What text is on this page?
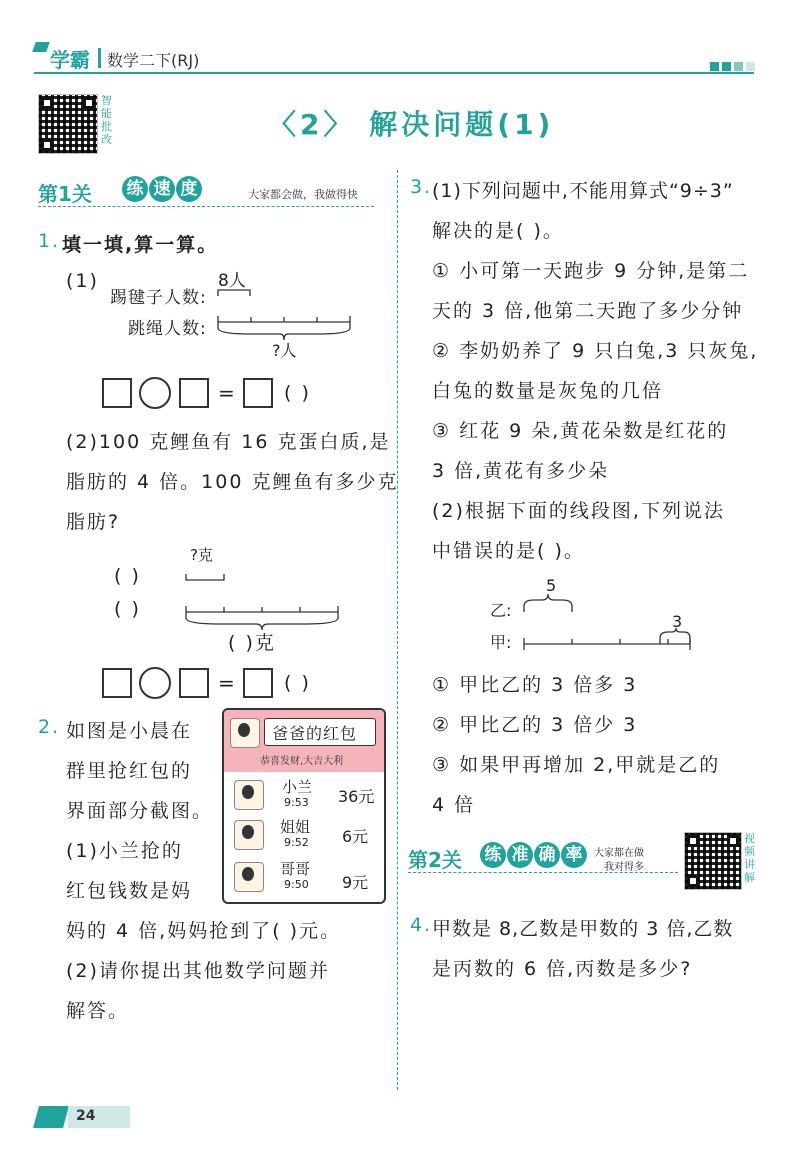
学霸 数学二下(RJ)
智能批改	〈2〉 解决问题(1)
第1关 练 速 度	大家都会做，我做得快
1. 填一填,算一算。
(1)
踢毽子人数:
8人
跳绳人数:
?人
=	( )
(2)100 克鲤鱼有 16 克蛋白质,是
脂肪的 4 倍。100 克鲤鱼有多少克
脂肪?
?克
( )
( )
( )克
=	( )
2. 如图是小晨在
群里抢红包的
界面部分截图。
(1)小兰抢的
红包钱数是妈
妈的 4 倍,妈妈抢到了( )元。
(2)请你提出其他数学问题并
解答。
爸爸的红包
恭喜发财,大吉大利
小兰
9:53 36元
姐姐
9:52 6元
哥哥
9:50 9元
3. (1)下列问题中,不能用算式“9÷3”
解决的是( )。
① 小可第一天跑步 9 分钟,是第二
天的 3 倍,他第二天跑了多少分钟
② 李奶奶养了 9 只白兔,3 只灰兔,
白兔的数量是灰兔的几倍
③ 红花 9 朵,黄花朵数是红花的
3 倍,黄花有多少朵
(2)根据下面的线段图,下列说法
中错误的是( )。
5
乙:
甲:
3
① 甲比乙的 3 倍多 3
② 甲比乙的 3 倍少 3
③ 如果甲再增加 2,甲就是乙的
4 倍
第2关 练 准 确 率	大家都在做
我对得多
视频讲解
4. 甲数是 8,乙数是甲数的 3 倍,乙数
是丙数的 6 倍,丙数是多少?
24
